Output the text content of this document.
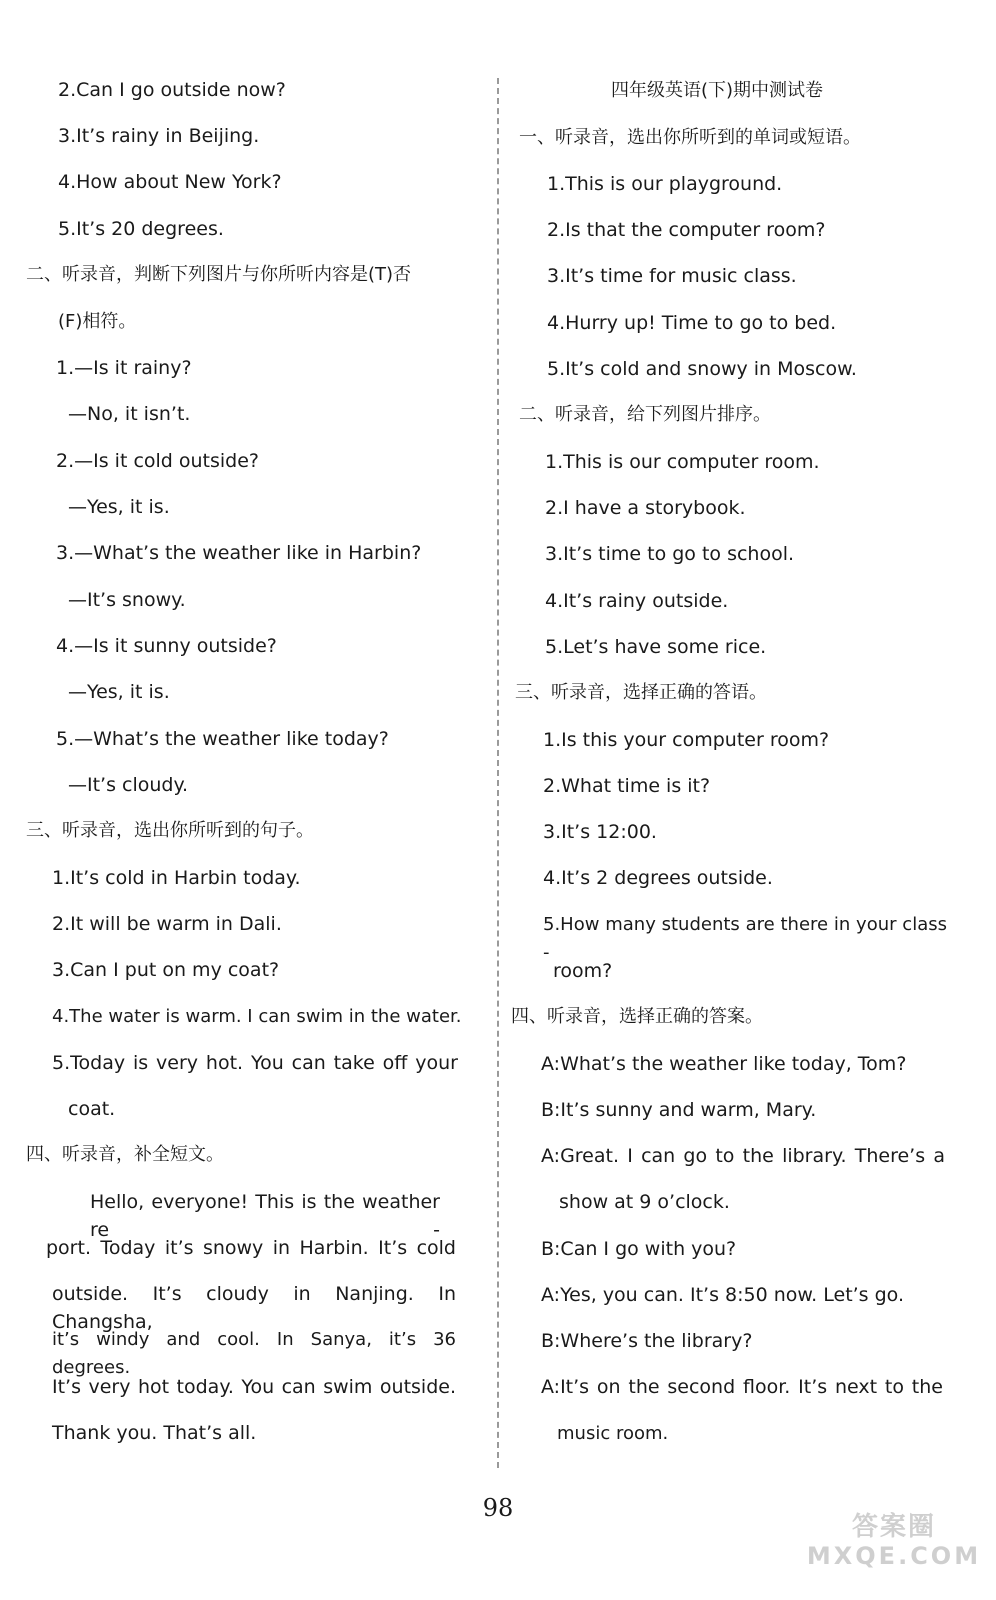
2.Can I go outside now?
3.It’s rainy in Beijing.
4.How about New York?
5.It’s 20 degrees.
二、听录音，判断下列图片与你所听内容是(T)否
(F)相符。
1.—Is it rainy?
—No, it isn’t.
2.—Is it cold outside?
—Yes, it is.
3.—What’s the weather like in Harbin?
—It’s snowy.
4.—Is it sunny outside?
—Yes, it is.
5.—What’s the weather like today?
—It’s cloudy.
三、听录音，选出你所听到的句子。
1.It’s cold in Harbin today.
2.It will be warm in Dali.
3.Can I put on my coat?
4.The water is warm. I can swim in the water.
5.Today is very hot. You can take off your
coat.
四、听录音，补全短文。
Hello, everyone! This is the weather re -
port. Today it’s snowy in Harbin. It’s cold
outside. It’s cloudy in Nanjing. In Changsha,
it’s windy and cool. In Sanya, it’s 36 degrees.
It’s very hot today. You can swim outside.
Thank you. That’s all.
四年级英语(下)期中测试卷
一、听录音，选出你所听到的单词或短语。
1.This is our playground.
2.Is that the computer room?
3.It’s time for music class.
4.Hurry up! Time to go to bed.
5.It’s cold and snowy in Moscow.
二、听录音，给下列图片排序。
1.This is our computer room.
2.I have a storybook.
3.It’s time to go to school.
4.It’s rainy outside.
5.Let’s have some rice.
三、听录音，选择正确的答语。
1.Is this your computer room?
2.What time is it?
3.It’s 12:00.
4.It’s 2 degrees outside.
5.How many students are there in your class -
room?
四、听录音，选择正确的答案。
A:What’s the weather like today, Tom?
B:It’s sunny and warm, Mary.
A:Great. I can go to the library. There’s a
show at 9 o’clock.
B:Can I go with you?
A:Yes, you can. It’s 8:50 now. Let’s go.
B:Where’s the library?
A:It’s on the second floor. It’s next to the
music room.
98
答案圈
MXQE.COM
